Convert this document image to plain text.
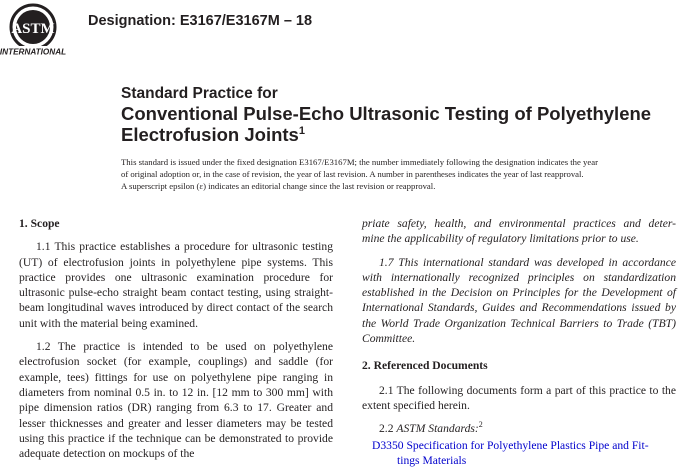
ASTM
INTERNATIONAL
Designation: E3167/E3167M – 18
Standard Practice for
Conventional Pulse-Echo Ultrasonic Testing of Polyethylene
Electrofusion Joints$^1$

This standard is issued under the fixed designation E3167/E3167M; the number immediately following the designation indicates the year

of original adoption or, in the case of revision, the year of last revision. A number in parentheses indicates the year of last reapproval.

A superscript epsilon (ε) indicates an editorial change since the last revision or reapproval.

1. Scope

1.1 This practice establishes a procedure for ultrasonic testing (UT) of electrofusion joints in polyethylene pipe systems. This practice provides one ultrasonic examination procedure for ultrasonic pulse-echo straight beam contact testing, using straight-beam longitudinal waves introduced by direct contact of the search unit with the material being examined.

1.2 The practice is intended to be used on polyethylene electrofusion socket (for example, couplings) and saddle (for example, tees) fittings for use on polyethylene pipe ranging in diameters from nominal 0.5 in. to 12 in. [12 mm to 300 mm] with pipe dimension ratios (DR) ranging from 6.3 to 17. Greater and lesser thicknesses and greater and lesser diameters may be tested using this practice if the technique can be demonstrated to provide adequate detection on mockups of the

priate safety, health, and environmental practices and deter-
mine the applicability of regulatory limitations prior to use.

1.7 This international standard was developed in accordance with internationally recognized principles on standardization established in the Decision on Principles for the Development of International Standards, Guides and Recommendations issued by the World Trade Organization Technical Barriers to Trade (TBT) Committee.

2. Referenced Documents

2.1 The following documents form a part of this practice to the extent specified herein.

2.2 ASTM Standards:$^2$
D3350 Specification for Polyethylene Plastics Pipe and Fit-
tings Materials
